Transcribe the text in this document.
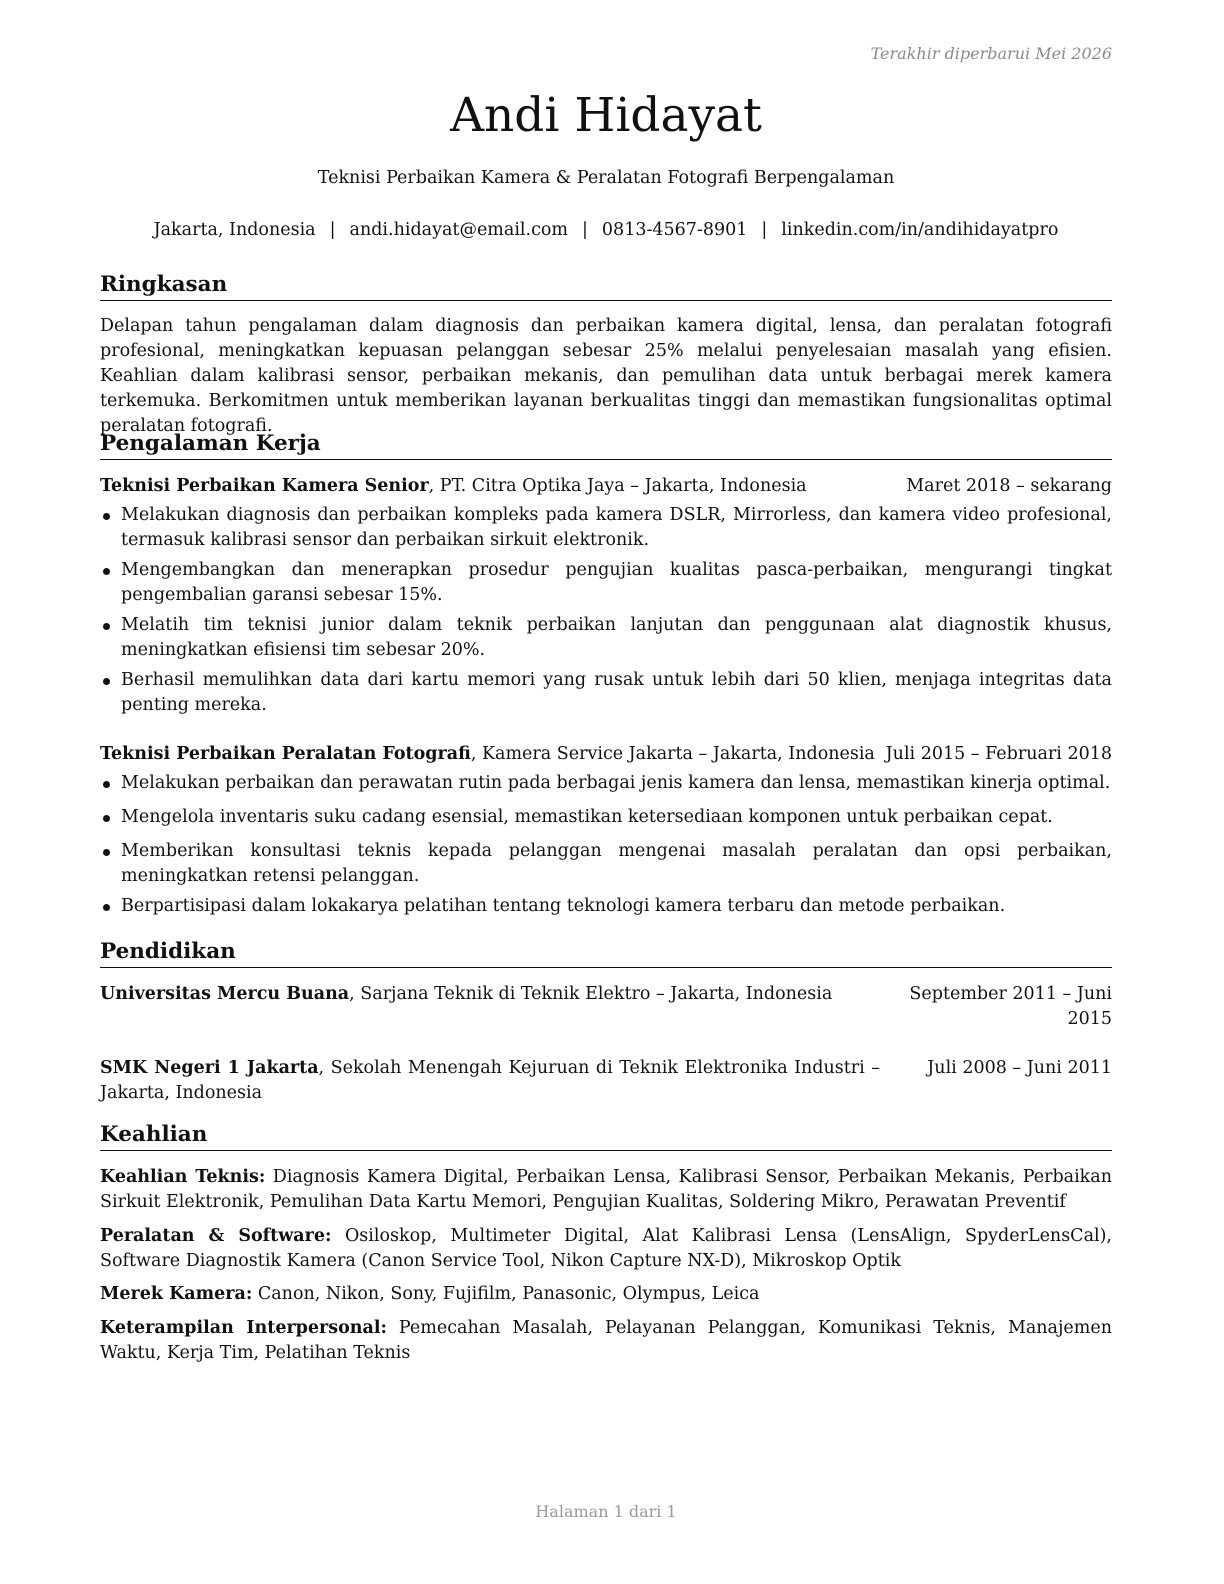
Terakhir diperbarui Mei 2026
Andi Hidayat
Teknisi Perbaikan Kamera & Peralatan Fotografi Berpengalaman
Jakarta, Indonesia | andi.hidayat@email.com | 0813-4567-8901 | linkedin.com/in/andihidayatpro
Ringkasan
Delapan tahun pengalaman dalam diagnosis dan perbaikan kamera digital, lensa, dan peralatan fotografi profesional, meningkatkan kepuasan pelanggan sebesar 25% melalui penyelesaian masalah yang efisien. Keahlian dalam kalibrasi sensor, perbaikan mekanis, dan pemulihan data untuk berbagai merek kamera terkemuka. Berkomitmen untuk memberikan layanan berkualitas tinggi dan memastikan fungsionalitas optimal peralatan fotografi.
Pengalaman Kerja
Teknisi Perbaikan Kamera Senior, PT. Citra Optika Jaya – Jakarta, Indonesia	Maret 2018 – sekarang
Melakukan diagnosis dan perbaikan kompleks pada kamera DSLR, Mirrorless, dan kamera video profesional, termasuk kalibrasi sensor dan perbaikan sirkuit elektronik.
Mengembangkan dan menerapkan prosedur pengujian kualitas pasca-perbaikan, mengurangi tingkat pengembalian garansi sebesar 15%.
Melatih tim teknisi junior dalam teknik perbaikan lanjutan dan penggunaan alat diagnostik khusus, meningkatkan efisiensi tim sebesar 20%.
Berhasil memulihkan data dari kartu memori yang rusak untuk lebih dari 50 klien, menjaga integritas data penting mereka.
Teknisi Perbaikan Peralatan Fotografi, Kamera Service Jakarta – Jakarta, Indonesia Juli 2015 – Februari 2018
Melakukan perbaikan dan perawatan rutin pada berbagai jenis kamera dan lensa, memastikan kinerja optimal.
Mengelola inventaris suku cadang esensial, memastikan ketersediaan komponen untuk perbaikan cepat.
Memberikan konsultasi teknis kepada pelanggan mengenai masalah peralatan dan opsi perbaikan, meningkatkan retensi pelanggan.
Berpartisipasi dalam lokakarya pelatihan tentang teknologi kamera terbaru dan metode perbaikan.
Pendidikan
Universitas Mercu Buana, Sarjana Teknik di Teknik Elektro – Jakarta, Indonesia	September 2011 – Juni 2015
SMK Negeri 1 Jakarta, Sekolah Menengah Kejuruan di Teknik Elektronika Industri – Jakarta, Indonesia
Juli 2008 – Juni 2011
Keahlian
Keahlian Teknis: Diagnosis Kamera Digital, Perbaikan Lensa, Kalibrasi Sensor, Perbaikan Mekanis, Perbaikan Sirkuit Elektronik, Pemulihan Data Kartu Memori, Pengujian Kualitas, Soldering Mikro, Perawatan Preventif
Peralatan & Software: Osiloskop, Multimeter Digital, Alat Kalibrasi Lensa (LensAlign, SpyderLensCal), Software Diagnostik Kamera (Canon Service Tool, Nikon Capture NX-D), Mikroskop Optik
Merek Kamera: Canon, Nikon, Sony, Fujifilm, Panasonic, Olympus, Leica
Keterampilan Interpersonal: Pemecahan Masalah, Pelayanan Pelanggan, Komunikasi Teknis, Manajemen Waktu, Kerja Tim, Pelatihan Teknis
Halaman 1 dari 1
